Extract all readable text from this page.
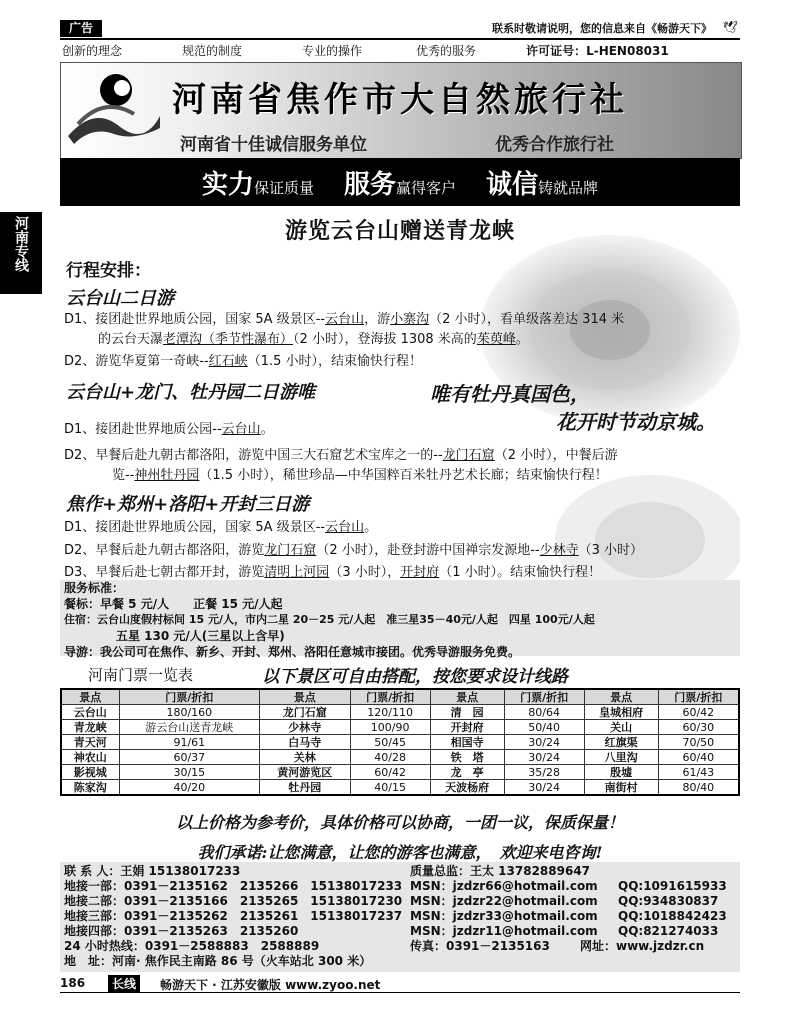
广告	联系时敬请说明，您的信息来自《畅游天下》 🕊
河南专线
创新的理念	规范的制度	专业的操作	优秀的服务	许可证号：L-HEN08031
河南省焦作市大自然旅行社
河南省十佳诚信服务单位	优秀合作旅行社
实力保证质量 服务赢得客户 诚信铸就品牌
游览云台山赠送青龙峡
行程安排：
云台山二日游
D1、接团赴世界地质公园，国家 5A 级景区--云台山，游小寨沟（2 小时），看单级落差达 314 米
的云台天瀑老潭沟（季节性瀑布）（2 小时），登海拔 1308 米高的茱萸峰。
D2、游览华夏第一奇峡--红石峡（1.5 小时），结束愉快行程！
云台山+龙门、牡丹园二日游唯	唯有牡丹真国色，
花开时节动京城。
D1、接团赴世界地质公园--云台山。
D2、早餐后赴九朝古都洛阳，游览中国三大石窟艺术宝库之一的--龙门石窟（2 小时），中餐后游
览--神州牡丹园（1.5 小时），稀世珍品—中华国粹百米牡丹艺术长廊；结束愉快行程！
焦作+郑州+洛阳+开封三日游
D1、接团赴世界地质公园，国家 5A 级景区--云台山。
D2、早餐后赴九朝古都洛阳，游览龙门石窟（2 小时），赴登封游中国禅宗发源地--少林寺（3 小时）
D3、早餐后赴七朝古都开封，游览清明上河园（3 小时），开封府（1 小时）。结束愉快行程！
服务标准：
餐标：早餐 5 元/人　　正餐 15 元/人起
住宿：云台山度假村标间 15 元/人，市内二星 20－25 元/人起　准三星35－40元/人起　四星 100元/人起
五星 130 元/人(三星以上含早)
导游：我公司可在焦作、新乡、开封、郑州、洛阳任意城市接团。优秀导游服务免费。
河南门票一览表	以下景区可自由搭配，按您要求设计线路
景点	门票/折扣	景点	门票/折扣	景点	门票/折扣	景点	门票/折扣
云台山	180/160	龙门石窟	120/110	清　园	80/64	皇城相府	60/42
青龙峡	游云台山送青龙峡	少林寺	100/90	开封府	50/40	关山	60/30
青天河	91/61	白马寺	50/45	相国寺	30/24	红旗渠	70/50
神农山	60/37	关林	40/28	铁　塔	30/24	八里沟	60/40
影视城	30/15	黄河游览区	60/42	龙　亭	35/28	殷墟	61/43
陈家沟	40/20	牡丹园	40/15	天波杨府	30/24	南街村	80/40
以上价格为参考价，具体价格可以协商，一团一议，保质保量！
我们承诺:让您满意，让您的游客也满意，　欢迎来电咨询!
联 系 人：王娟 15138017233	质量总监：王太 13782889647
地接一部：0391－2135162　2135266　15138017233 MSN：jzdzr66@hotmail.com QQ:1091615933
地接二部：0391－2135166　2135265　15138017230 MSN：jzdzr22@hotmail.com QQ:934830837
地接三部：0391－2135262　2135261　15138017237 MSN：jzdzr33@hotmail.com QQ:1018842423
地接四部：0391－2135263　2135260	MSN：jzdzr11@hotmail.com QQ:821274033
24 小时热线：0391－2588883　2588889	传真：0391－2135163	网址：www.jzdzr.cn
地　址：河南· 焦作民主南路 86 号（火车站北 300 米）
186	长线	畅游天下 · 江苏安徽版 www.zyoo.net
